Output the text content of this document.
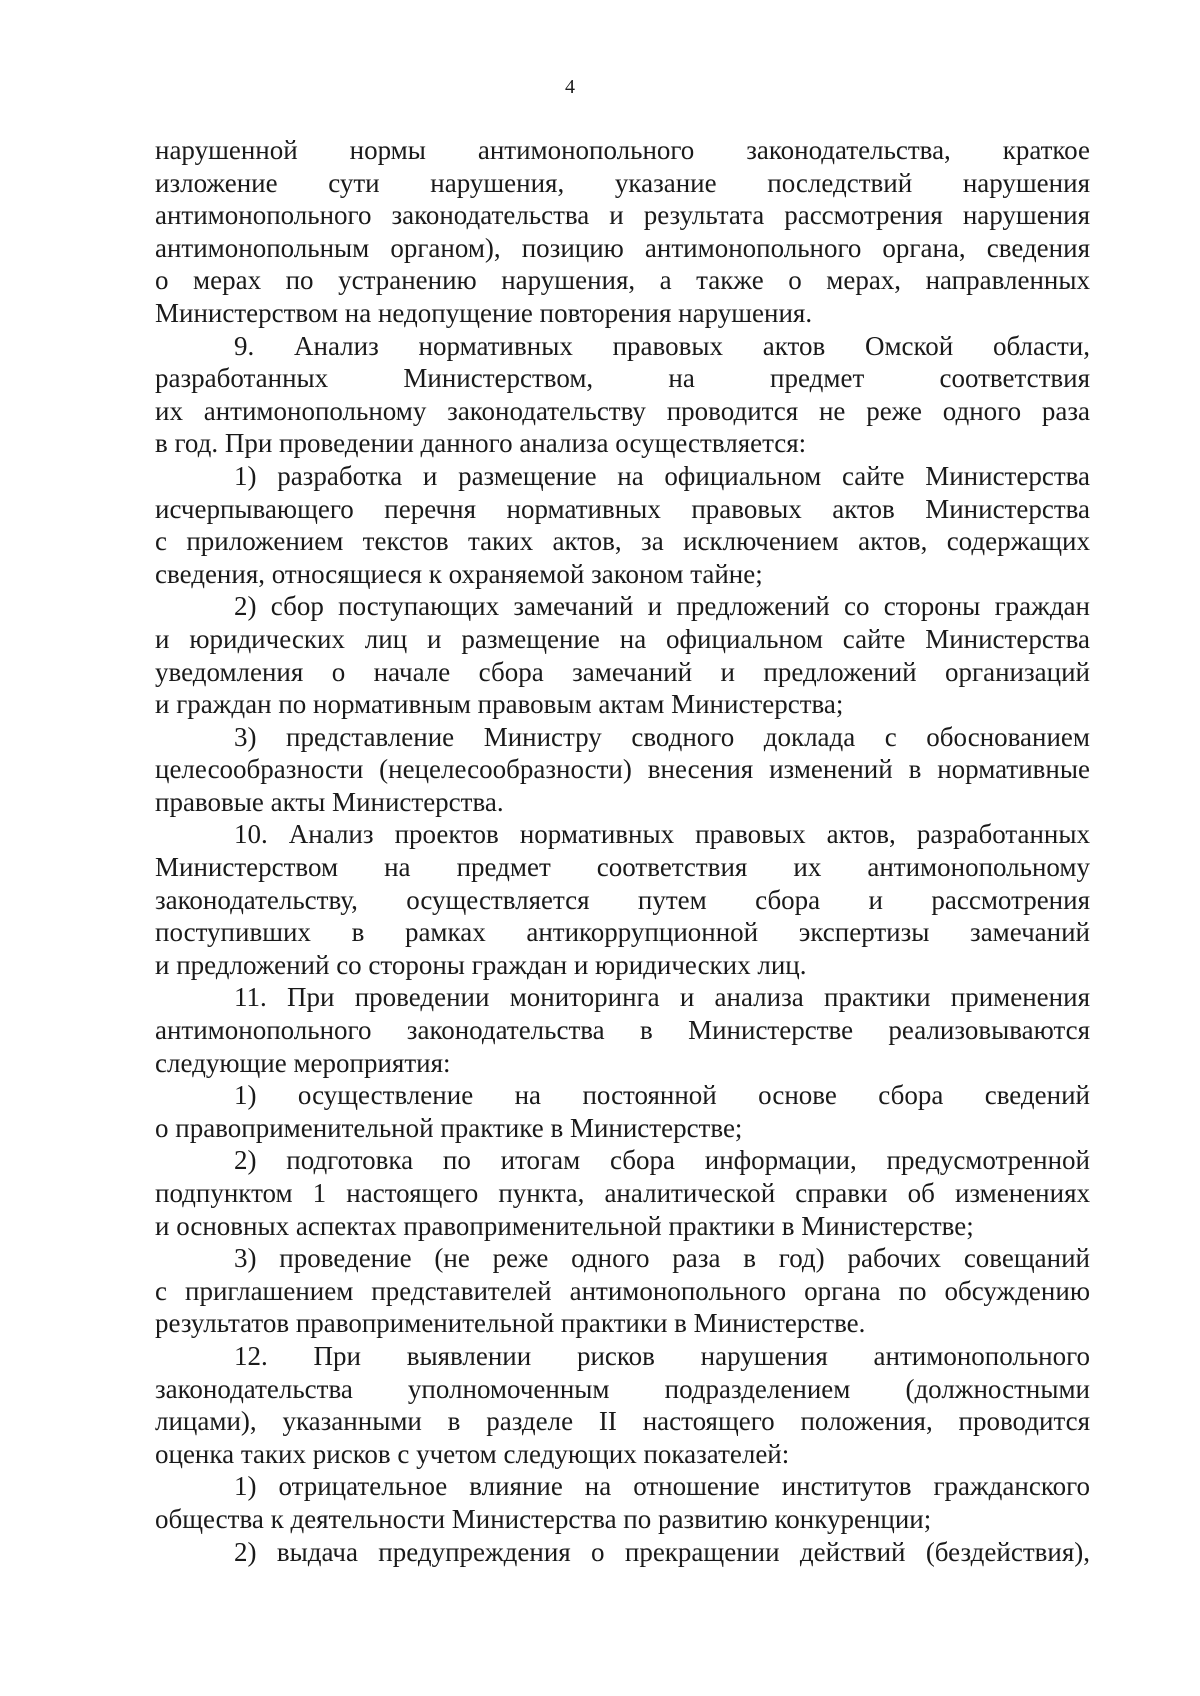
4

нарушенной нормы антимонопольного законодательства, краткое

изложение сути нарушения, указание последствий нарушения

антимонопольного законодательства и результата рассмотрения нарушения

антимонопольным органом), позицию антимонопольного органа, сведения

о мерах по устранению нарушения, а также о мерах, направленных

Министерством на недопущение повторения нарушения.

9. Анализ нормативных правовых актов Омской области,

разработанных Министерством, на предмет соответствия

их антимонопольному законодательству проводится не реже одного раза

в год. При проведении данного анализа осуществляется:

1) разработка и размещение на официальном сайте Министерства

исчерпывающего перечня нормативных правовых актов Министерства

с приложением текстов таких актов, за исключением актов, содержащих

сведения, относящиеся к охраняемой законом тайне;

2) сбор поступающих замечаний и предложений со стороны граждан

и юридических лиц и размещение на официальном сайте Министерства

уведомления о начале сбора замечаний и предложений организаций

и граждан по нормативным правовым актам Министерства;

3) представление Министру сводного доклада с обоснованием

целесообразности (нецелесообразности) внесения изменений в нормативные

правовые акты Министерства.

10. Анализ проектов нормативных правовых актов, разработанных

Министерством на предмет соответствия их антимонопольному

законодательству, осуществляется путем сбора и рассмотрения

поступивших в рамках антикоррупционной экспертизы замечаний

и предложений со стороны граждан и юридических лиц.

11. При проведении мониторинга и анализа практики применения

антимонопольного законодательства в Министерстве реализовываются

следующие мероприятия:

1) осуществление на постоянной основе сбора сведений

о правоприменительной практике в Министерстве;

2) подготовка по итогам сбора информации, предусмотренной

подпунктом 1 настоящего пункта, аналитической справки об изменениях

и основных аспектах правоприменительной практики в Министерстве;

3) проведение (не реже одного раза в год) рабочих совещаний

с приглашением представителей антимонопольного органа по обсуждению

результатов правоприменительной практики в Министерстве.

12. При выявлении рисков нарушения антимонопольного

законодательства уполномоченным подразделением (должностными

лицами), указанными в разделе II настоящего положения, проводится

оценка таких рисков с учетом следующих показателей:

1) отрицательное влияние на отношение институтов гражданского

общества к деятельности Министерства по развитию конкуренции;

2) выдача предупреждения о прекращении действий (бездействия),
